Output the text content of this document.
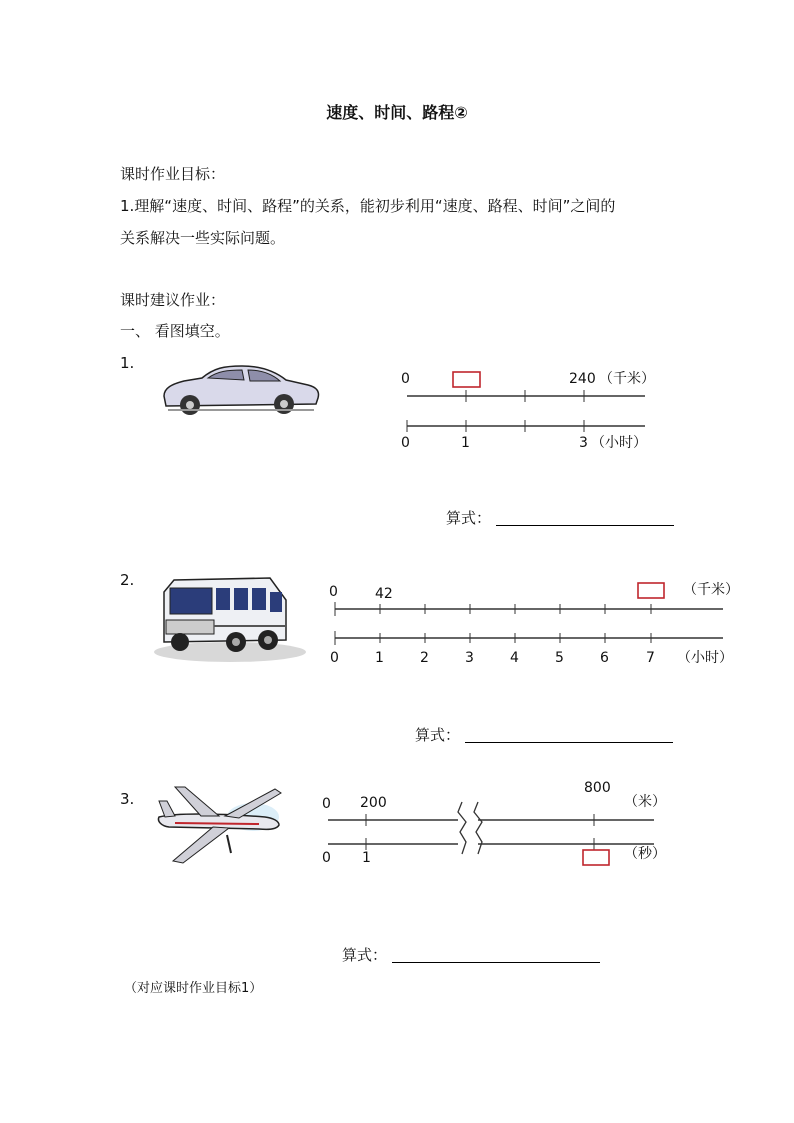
速度、时间、路程②
课时作业目标：
1.理解“速度、时间、路程”的关系，能初步利用“速度、路程、时间”之间的
关系解决一些实际问题。
课时建议作业：
一、 看图填空。
1.
0	240 （千米）
0	1	3 （小时）
算式：
2.
0	42	（千米）
0	1	2	3	4	5	6	7 （小时）
算式：
3.
800
0 200	（米）
0 1	（秒）
算式：
（对应课时作业目标1）
